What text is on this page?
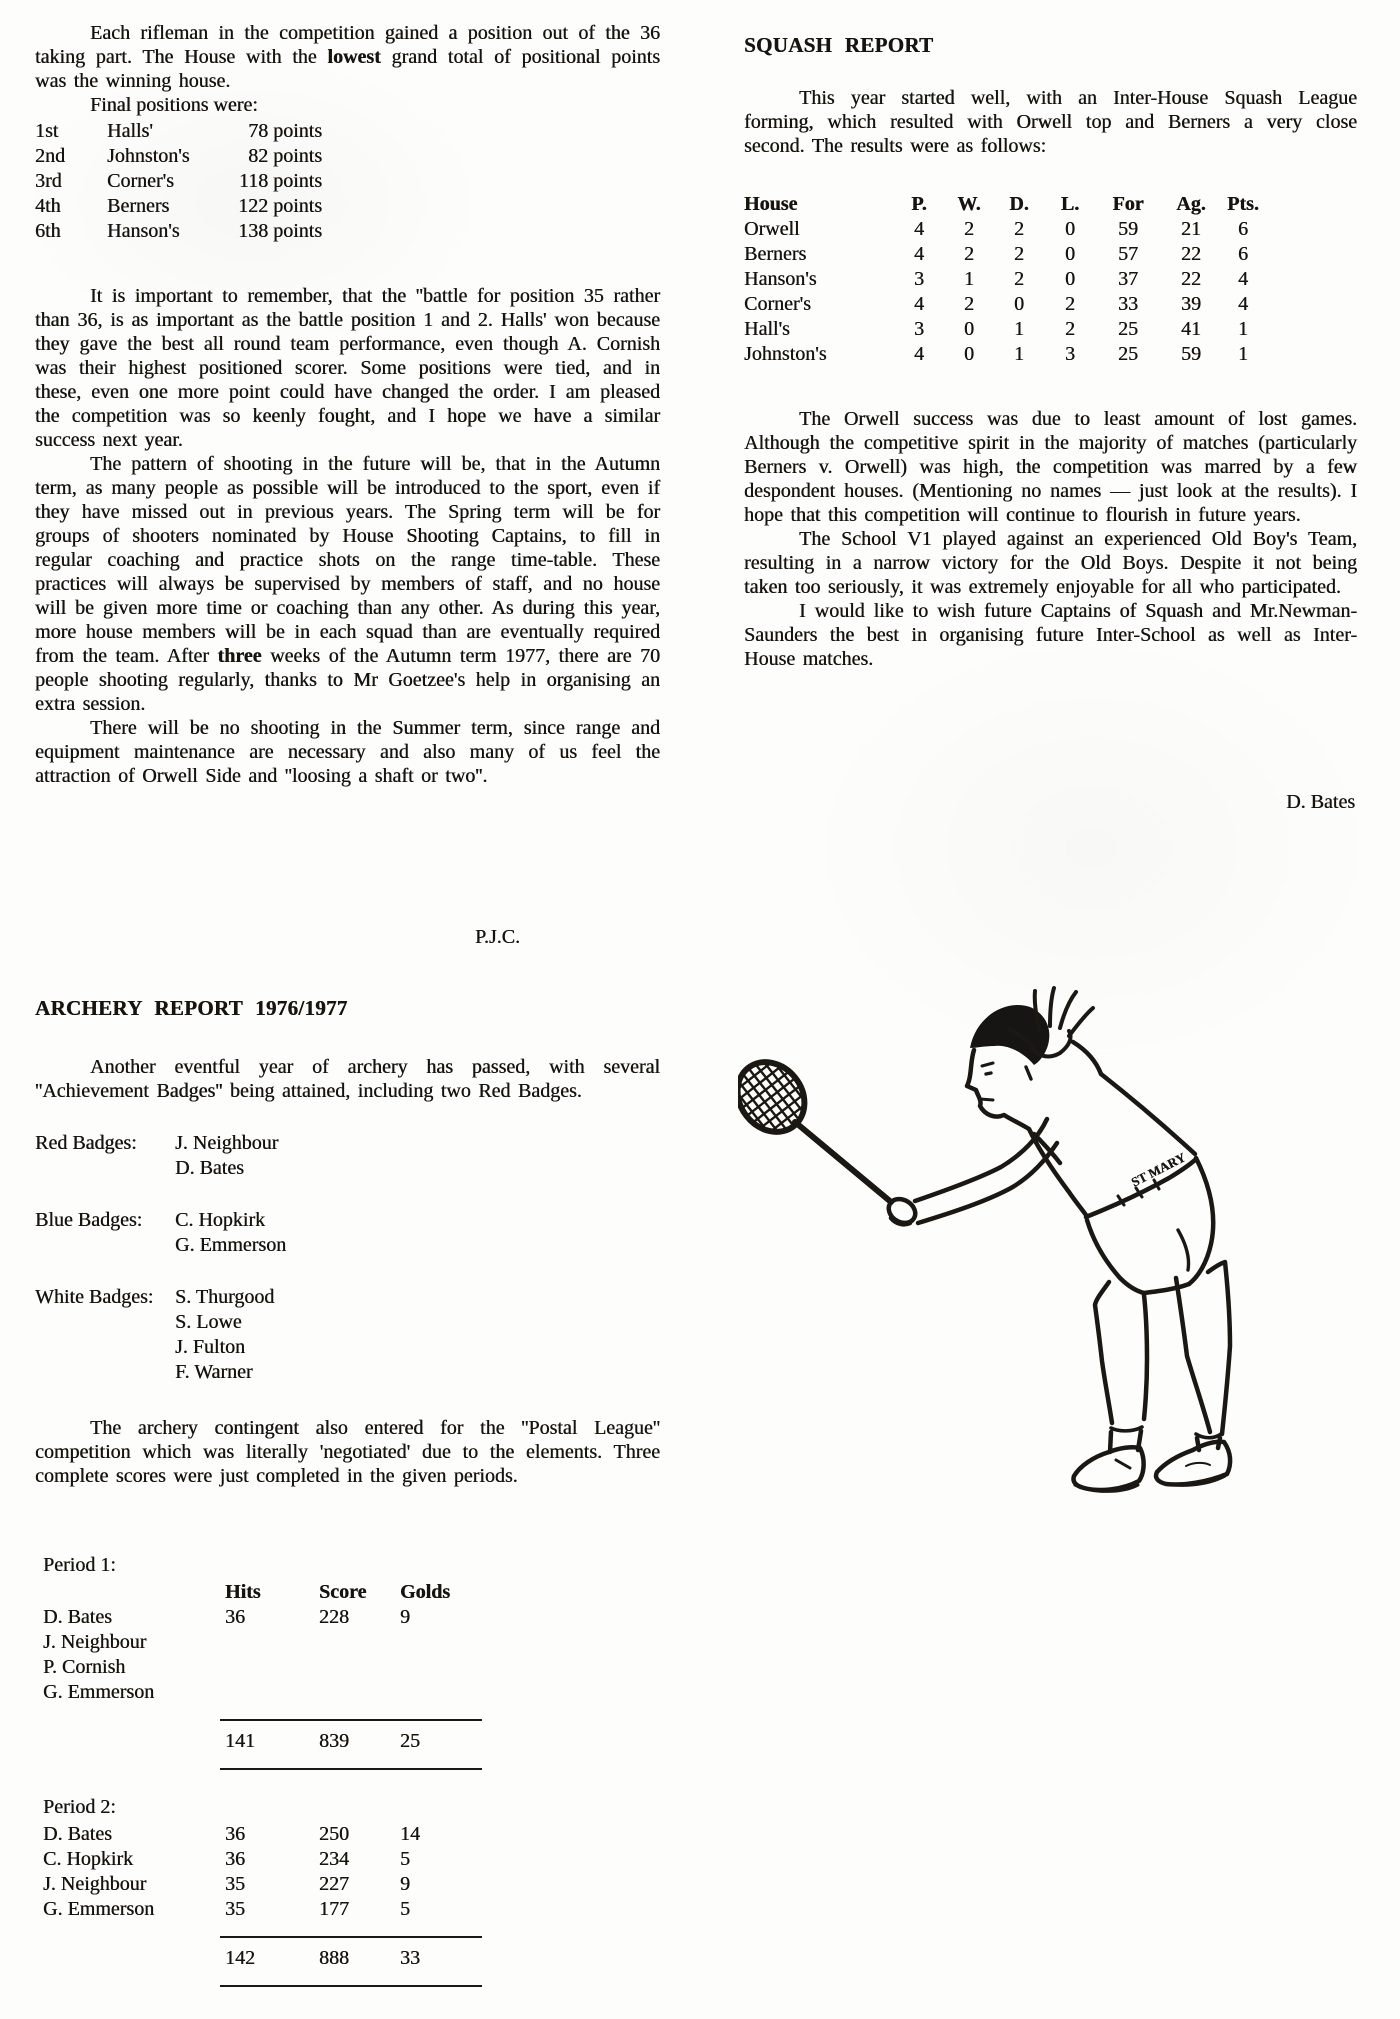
Each rifleman in the competition gained a position out of the 36 taking part. The House with the lowest grand total of positional points was the winning house.

Final positions were:

1st	Halls'	78 points
2nd	Johnston's	82 points
3rd	Corner's	118 points
4th	Berners	122 points
6th	Hanson's	138 points

It is important to remember, that the ''battle for position 35 rather than 36, is as important as the battle position 1 and 2. Halls' won because they gave the best all round team performance, even though A. Cornish was their highest positioned scorer. Some positions were tied, and in these, even one more point could have changed the order. I am pleased the competition was so keenly fought, and I hope we have a similar success next year.

The pattern of shooting in the future will be, that in the Autumn term, as many people as possible will be introduced to the sport, even if they have missed out in previous years. The Spring term will be for groups of shooters nominated by House Shooting Captains, to fill in regular coaching and practice shots on the range time-table. These practices will always be supervised by members of staff, and no house will be given more time or coaching than any other. As during this year, more house members will be in each squad than are eventually required from the team. After three weeks of the Autumn term 1977, there are 70 people shooting regularly, thanks to Mr Goetzee's help in organising an extra session.

There will be no shooting in the Summer term, since range and equipment maintenance are necessary and also many of us feel the attraction of Orwell Side and ''loosing a shaft or two''.

P.J.C.
ARCHERY REPORT 1976/1977

Another eventful year of archery has passed, with several ''Achievement Badges'' being attained, including two Red Badges.

Red Badges:	J. Neighbour
D. Bates
Blue Badges:	C. Hopkirk
G. Emmerson
White Badges:	S. Thurgood
S. Lowe
J. Fulton
F. Warner

The archery contingent also entered for the ''Postal League'' competition which was literally 'negotiated' due to the elements. Three complete scores were just completed in the given periods.

Period 1:
Hits	Score	Golds
D. Bates	36	228	9
J. Neighbour
P. Cornish
G. Emmerson
141	839	25
Period 2:
D. Bates	36	250	14
C. Hopkirk	36	234	5
J. Neighbour	35	227	9
G. Emmerson	35	177	5
142	888	33
SQUASH REPORT

This year started well, with an Inter-House Squash League forming, which resulted with Orwell top and Berners a very close second. The results were as follows:

House	P.	W.	D.	L.	For	Ag.	Pts.
Orwell	4	2	2	0	59	21	6
Berners	4	2	2	0	57	22	6
Hanson's	3	1	2	0	37	22	4
Corner's	4	2	0	2	33	39	4
Hall's	3	0	1	2	25	41	1
Johnston's	4	0	1	3	25	59	1

The Orwell success was due to least amount of lost games. Although the competitive spirit in the majority of matches (particularly Berners v. Orwell) was high, the competition was marred by a few despondent houses. (Mentioning no names — just look at the results). I hope that this competition will continue to flourish in future years.

The School V1 played against an experienced Old Boy's Team, resulting in a narrow victory for the Old Boys. Despite it not being taken too seriously, it was extremely enjoyable for all who participated.

I would like to wish future Captains of Squash and Mr.Newman-Saunders the best in organising future Inter-School as well as Inter-House matches.

D. Bates
ST MARY
